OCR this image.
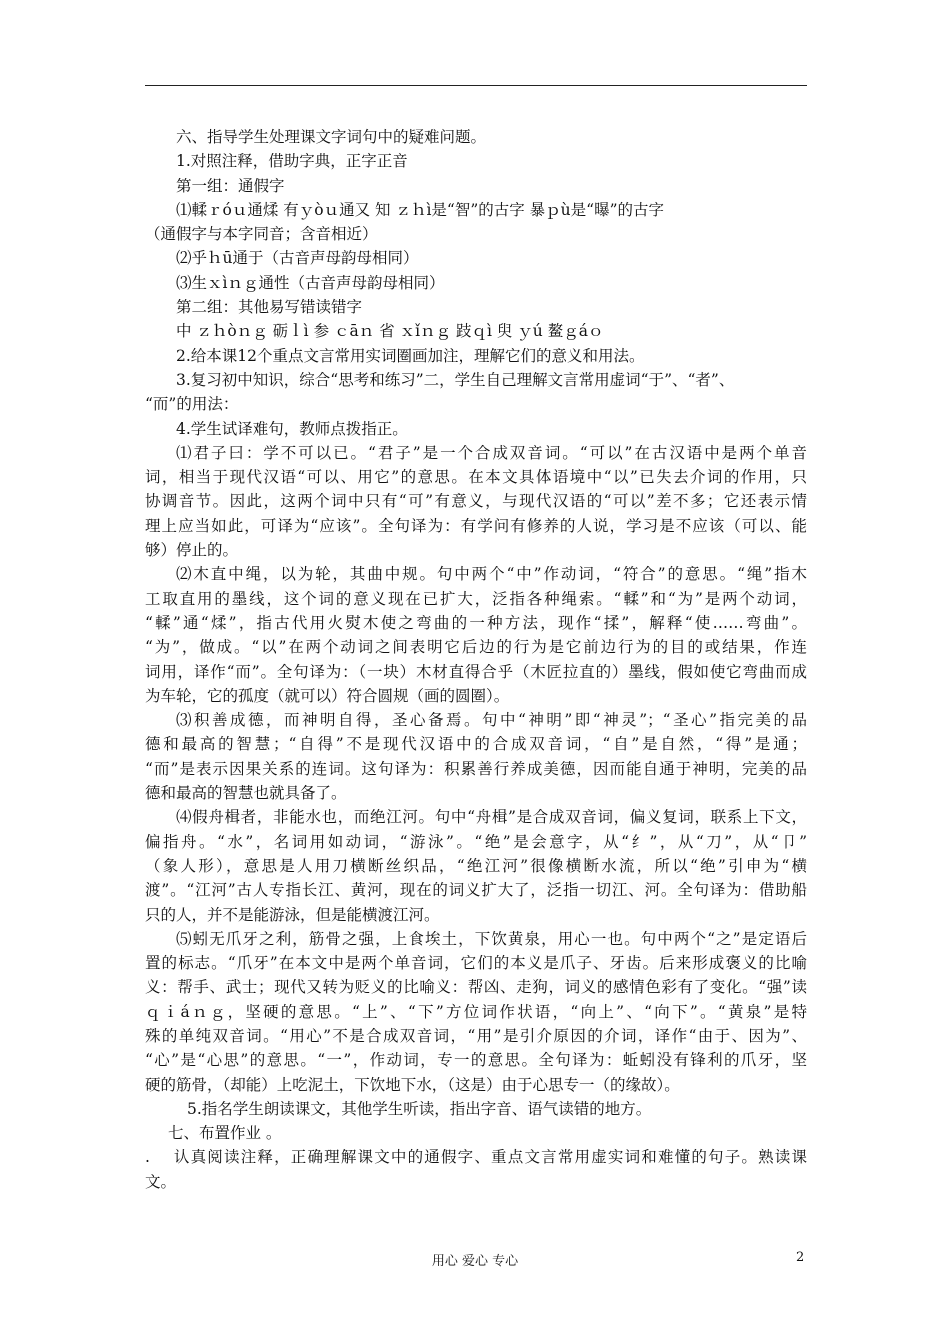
六、指导学生处理课文字词句中的疑难问题。
1.对照注释，借助字典，正字正音
第一组：通假字
⑴輮ｒóｕ通煣 有ｙòｕ通又 知 ｚｈì是“智”的古字 暴ｐù是“曝”的古字
（通假字与本字同音；含音相近）
⑵乎ｈū通于（古音声母韵母相同）
⑶生ｘìｎｇ通性（古音声母韵母相同）
第二组：其他易写错读错字
中 ｚｈòｎｇ 砺ｌì 参 ｃāｎ 省 ｘǐｎｇ 跂ｑì 臾 ｙú 鳌ｇáｏ
2.给本课12个重点文言常用实词圈画加注，理解它们的意义和用法。
3.复习初中知识，综合“思考和练习”二，学生自己理解文言常用虚词“于”、“者”、
“而”的用法：
4.学生试译难句，教师点拨指正。
⑴君子曰：学不可以已。“君子”是一个合成双音词。“可以”在古汉语中是两个单音
词，相当于现代汉语“可以、用它”的意思。在本文具体语境中“以”已失去介词的作用，只
协调音节。因此，这两个词中只有“可”有意义，与现代汉语的“可以”差不多；它还表示情
理上应当如此，可译为“应该”。全句译为：有学问有修养的人说，学习是不应该（可以、能
够）停止的。
⑵木直中绳，以为轮，其曲中规。句中两个“中”作动词，“符合”的意思。“绳”指木
工取直用的墨线，这个词的意义现在已扩大，泛指各种绳索。“輮”和“为”是两个动词，
“輮”通“煣”，指古代用火熨木使之弯曲的一种方法，现作“揉”，解释“使……弯曲”。
“为”，做成。“以”在两个动词之间表明它后边的行为是它前边行为的目的或结果，作连
词用，译作“而”。全句译为：（一块）木材直得合乎（木匠拉直的）墨线，假如使它弯曲而成
为车轮，它的孤度（就可以）符合圆规（画的圆圈）。
⑶积善成德，而神明自得，圣心备焉。句中“神明”即“神灵”；“圣心”指完美的品
德和最高的智慧；“自得”不是现代汉语中的合成双音词，“自”是自然，“得”是通；
“而”是表示因果关系的连词。这句译为：积累善行养成美德，因而能自通于神明，完美的品
德和最高的智慧也就具备了。
⑷假舟楫者，非能水也，而绝江河。句中“舟楫”是合成双音词，偏义复词，联系上下文，
偏指舟。“水”，名词用如动词，“游泳”。“绝”是会意字，从“纟”，从“刀”，从“卩”
（象人形），意思是人用刀横断丝织品，“绝江河”很像横断水流，所以“绝”引申为“横
渡”。“江河”古人专指长江、黄河，现在的词义扩大了，泛指一切江、河。全句译为：借助船
只的人，并不是能游泳，但是能横渡江河。
⑸蚓无爪牙之利，筋骨之强，上食埃土，下饮黄泉，用心一也。句中两个“之”是定语后
置的标志。“爪牙”在本文中是两个单音词，它们的本义是爪子、牙齿。后来形成褒义的比喻
义：帮手、武士；现代又转为贬义的比喻义：帮凶、走狗，词义的感情色彩有了变化。“强”读
ｑｉáｎｇ，坚硬的意思。“上”、“下”方位词作状语，“向上”、“向下”。“黄泉”是特
殊的单纯双音词。“用心”不是合成双音词，“用”是引介原因的介词，译作“由于、因为”、
“心”是“心思”的意思。“一”，作动词，专一的意思。全句译为：蚯蚓没有锋利的爪牙，坚
硬的筋骨，（却能）上吃泥土，下饮地下水，（这是）由于心思专一（的缘故）。
5.指名学生朗读课文，其他学生听读，指出字音、语气读错的地方。
七、布置作业 。
.　 认真阅读注释，正确理解课文中的通假字、重点文言常用虚实词和难懂的句子。熟读课
文。
用心 爱心 专心	2
